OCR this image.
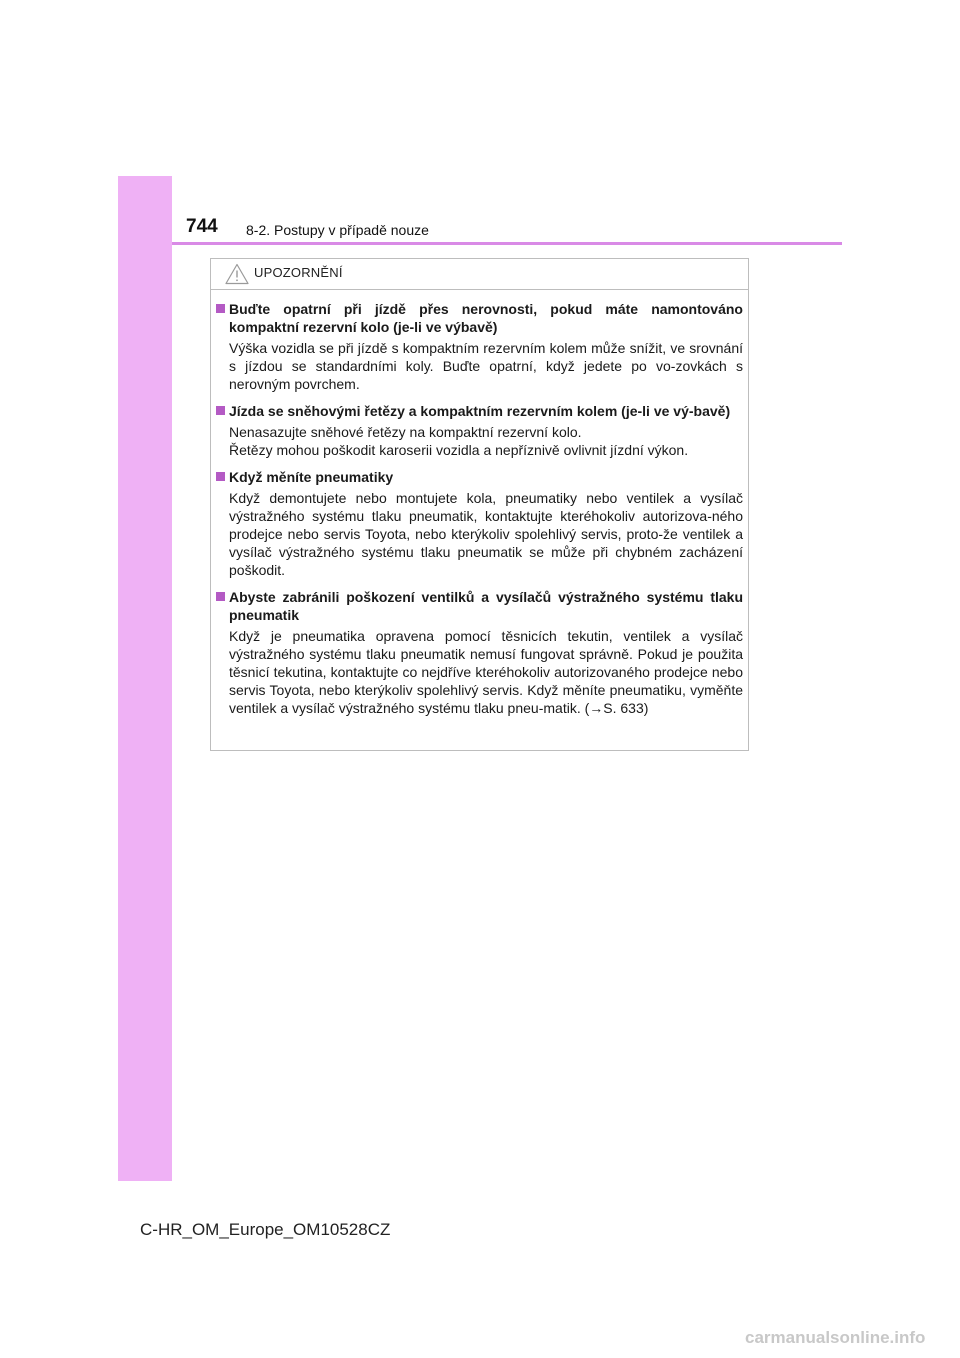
744 8-2. Postupy v případě nouze
UPOZORNĚNÍ
Buďte opatrní při jízdě přes nerovnosti, pokud máte namontováno kompaktní rezervní kolo (je-li ve výbavě)
Výška vozidla se při jízdě s kompaktním rezervním kolem může snížit, ve srovnání s jízdou se standardními koly. Buďte opatrní, když jedete po vo-zovkách s nerovným povrchem.
Jízda se sněhovými řetězy a kompaktním rezervním kolem (je-li ve vý-bavě)
Nenasazujte sněhové řetězy na kompaktní rezervní kolo.
Řetězy mohou poškodit karoserii vozidla a nepříznivě ovlivnit jízdní výkon.
Když měníte pneumatiky
Když demontujete nebo montujete kola, pneumatiky nebo ventilek a vysílač výstražného systému tlaku pneumatik, kontaktujte kteréhokoliv autorizova-ného prodejce nebo servis Toyota, nebo kterýkoliv spolehlivý servis, proto-že ventilek a vysílač výstražného systému tlaku pneumatik se může při chybném zacházení poškodit.
Abyste zabránili poškození ventilků a vysílačů výstražného systému tlaku pneumatik
Když je pneumatika opravena pomocí těsnicích tekutin, ventilek a vysílač výstražného systému tlaku pneumatik nemusí fungovat správně. Pokud je použita těsnicí tekutina, kontaktujte co nejdříve kteréhokoliv autorizovaného prodejce nebo servis Toyota, nebo kterýkoliv spolehlivý servis. Když měníte pneumatiku, vyměňte ventilek a vysílač výstražného systému tlaku pneu-matik. (→S. 633)
C-HR_OM_Europe_OM10528CZ
carmanualsonline.info
